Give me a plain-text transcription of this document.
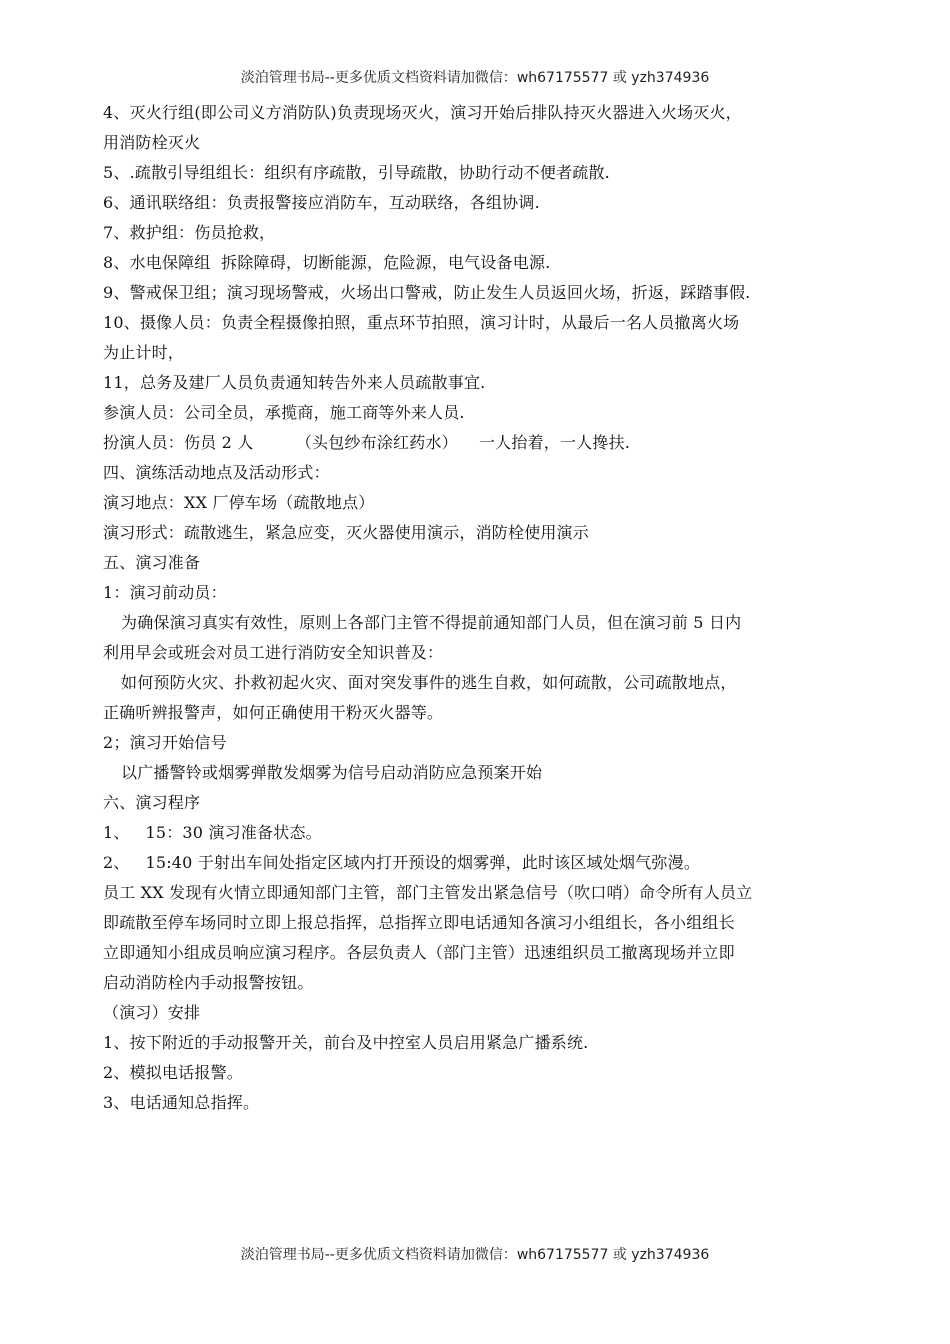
淡泊管理书局--更多优质文档资料请加微信：wh67175577 或 yzh374936
4、灭火行组(即公司义方消防队)负责现场灭火，演习开始后排队持灭火器进入火场灭火，
用消防栓灭火
5、.疏散引导组组长：组织有序疏散，引导疏散，协助行动不便者疏散.
6、通讯联络组：负责报警接应消防车，互动联络，各组协调.
7、救护组：伤员抢救，
8、水电保障组  拆除障碍，切断能源，危险源，电气设备电源.
9、警戒保卫组；演习现场警戒，火场出口警戒，防止发生人员返回火场，折返，踩踏事假.
10、摄像人员：负责全程摄像拍照，重点环节拍照，演习计时，从最后一名人员撤离火场
为止计时，
11，总务及建厂人员负责通知转告外来人员疏散事宜.
参演人员：公司全员，承揽商，施工商等外来人员.
扮演人员：伤员 2 人        （头包纱布涂红药水）    一人抬着，一人搀扶.
四、演练活动地点及活动形式：
演习地点：XX 厂停车场（疏散地点）
演习形式：疏散逃生，紧急应变，灭火器使用演示，消防栓使用演示
五、演习准备
1：演习前动员：
为确保演习真实有效性，原则上各部门主管不得提前通知部门人员，但在演习前 5 日内
利用早会或班会对员工进行消防安全知识普及：
如何预防火灾、扑救初起火灾、面对突发事件的逃生自救，如何疏散，公司疏散地点，
正确听辨报警声，如何正确使用干粉灭火器等。
2；演习开始信号
以广播警铃或烟雾弹散发烟雾为信号启动消防应急预案开始
六、演习程序
1、   15：30 演习准备状态。
2、   15:40 于射出车间处指定区域内打开预设的烟雾弹，此时该区域处烟气弥漫。
员工 XX 发现有火情立即通知部门主管，部门主管发出紧急信号（吹口哨）命令所有人员立
即疏散至停车场同时立即上报总指挥，总指挥立即电话通知各演习小组组长，各小组组长
立即通知小组成员响应演习程序。各层负责人（部门主管）迅速组织员工撤离现场并立即
启动消防栓内手动报警按钮。
（演习）安排
1、按下附近的手动报警开关，前台及中控室人员启用紧急广播系统.
2、模拟电话报警。
3、电话通知总指挥。
淡泊管理书局--更多优质文档资料请加微信：wh67175577 或 yzh374936
